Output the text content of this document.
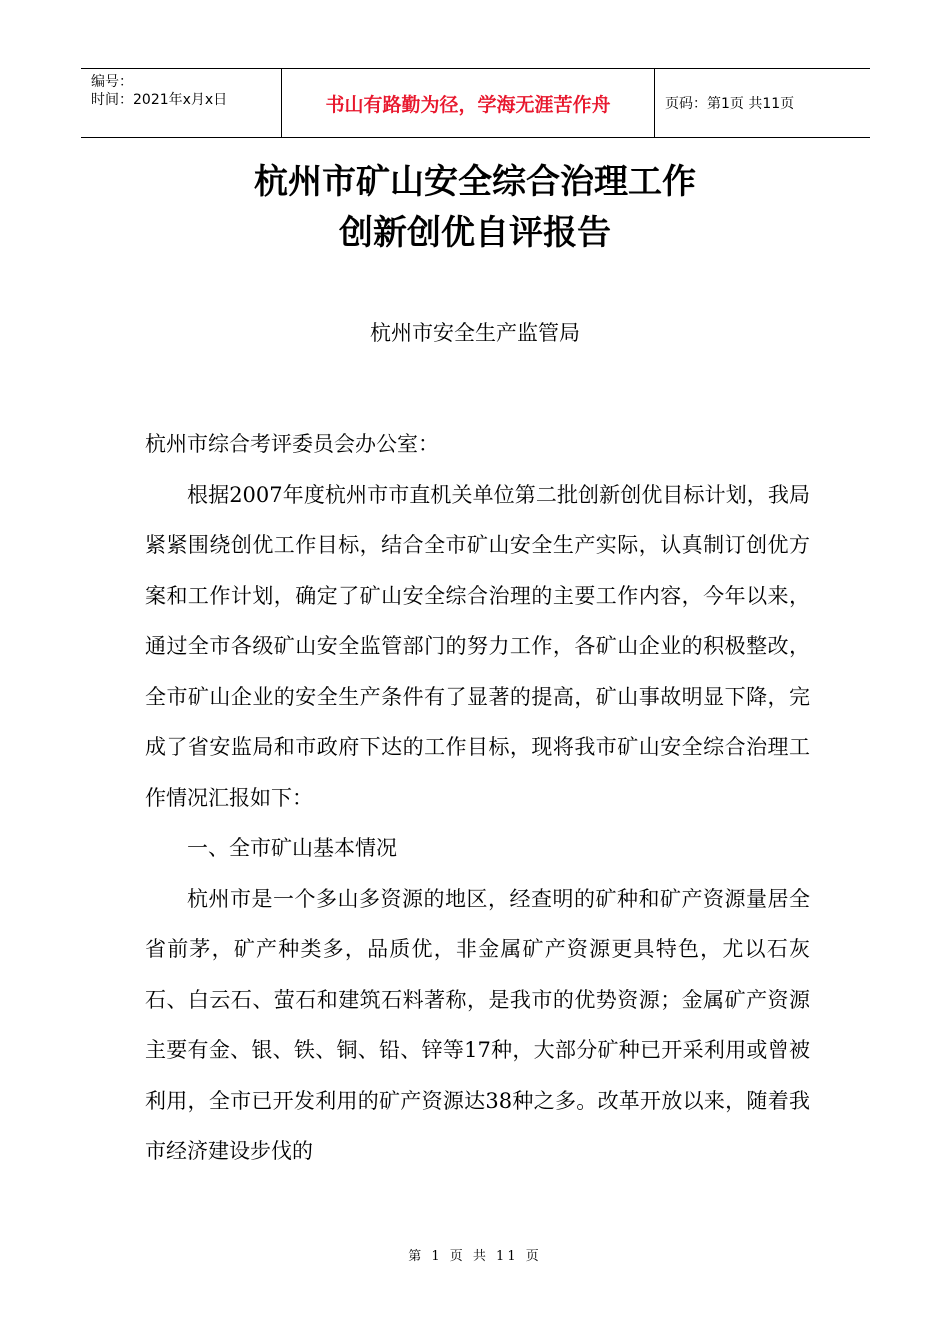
编号：
时间：2021年x月x日	书山有路勤为径，学海无涯苦作舟	页码：第1页 共11页
杭州市矿山安全综合治理工作
创新创优自评报告
杭州市安全生产监管局

杭州市综合考评委员会办公室：

根据2007年度杭州市市直机关单位第二批创新创优目标计划，我局紧紧围绕创优工作目标，结合全市矿山安全生产实际，认真制订创优方案和工作计划，确定了矿山安全综合治理的主要工作内容，今年以来，通过全市各级矿山安全监管部门的努力工作，各矿山企业的积极整改，全市矿山企业的安全生产条件有了显著的提高，矿山事故明显下降，完成了省安监局和市政府下达的工作目标，现将我市矿山安全综合治理工作情况汇报如下：

一、全市矿山基本情况

杭州市是一个多山多资源的地区，经查明的矿种和矿产资源量居全省前茅，矿产种类多，品质优，非金属矿产资源更具特色，尤以石灰石、白云石、萤石和建筑石料著称，是我市的优势资源；金属矿产资源主要有金、银、铁、铜、铅、锌等17种，大部分矿种已开采利用或曾被利用，全市已开发利用的矿产资源达38种之多。改革开放以来，随着我市经济建设步伐的

第 1 页 共 11 页
